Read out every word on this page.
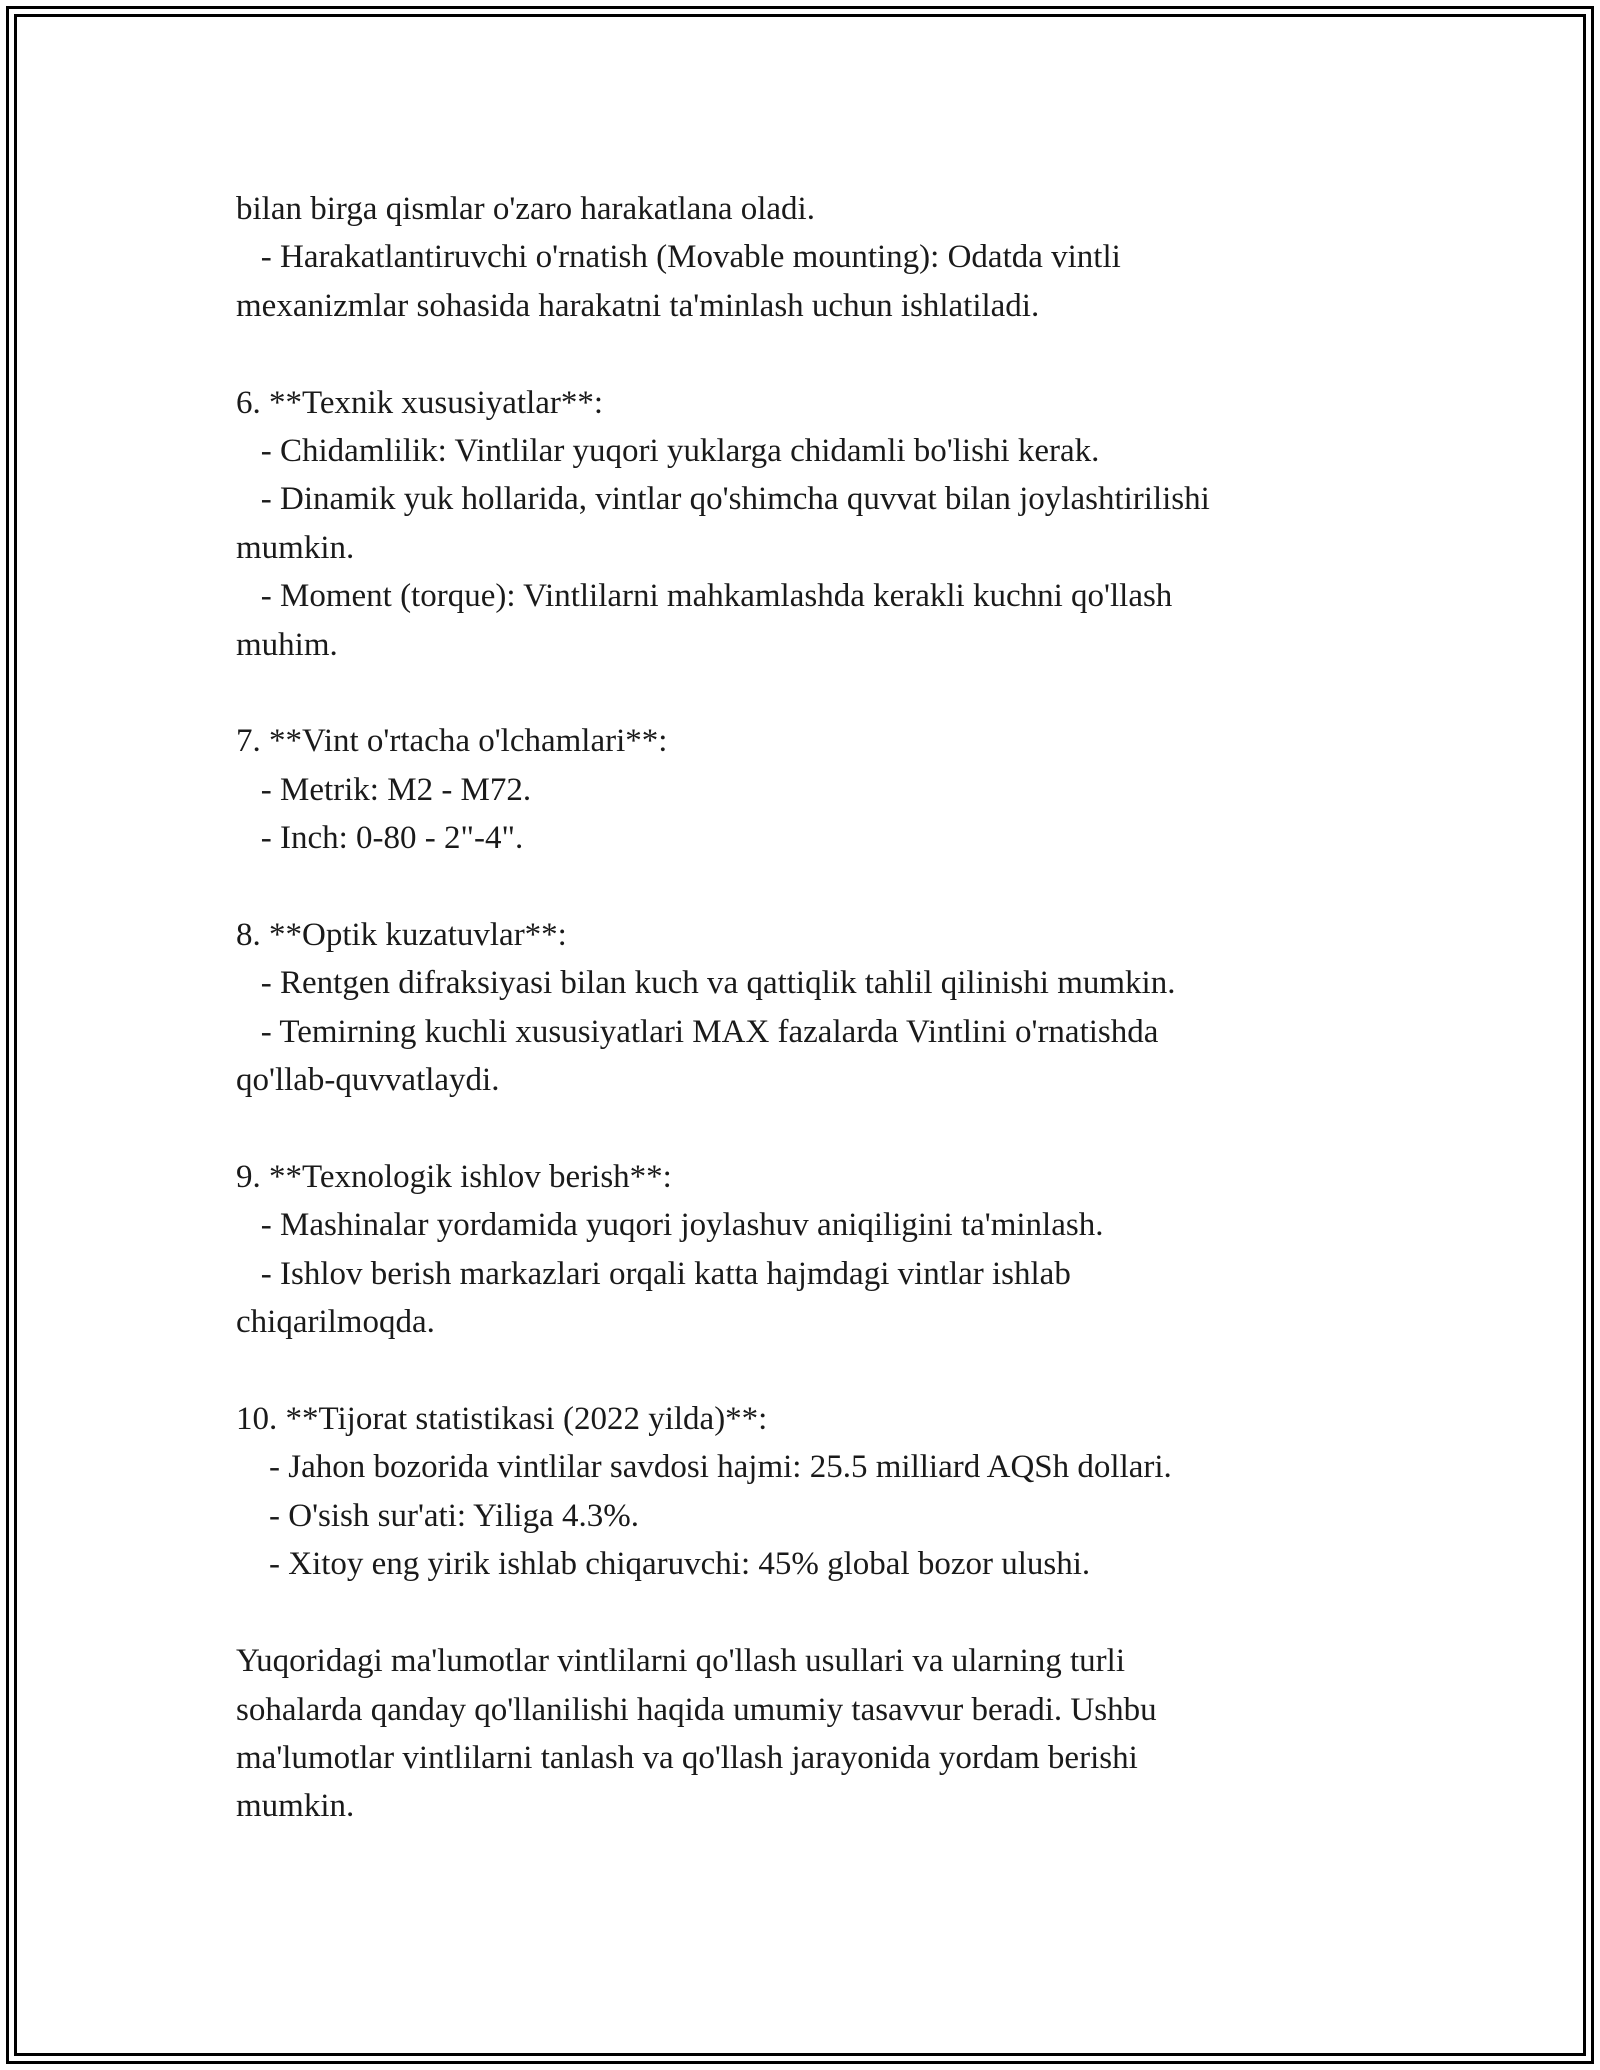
bilan birga qismlar o'zaro harakatlana oladi.
- Harakatlantiruvchi o'rnatish (Movable mounting): Odatda vintli
mexanizmlar sohasida harakatni ta'minlash uchun ishlatiladi.
6. **Texnik xususiyatlar**:
- Chidamlilik: Vintlilar yuqori yuklarga chidamli bo'lishi kerak.
- Dinamik yuk hollarida, vintlar qo'shimcha quvvat bilan joylashtirilishi
mumkin.
- Moment (torque): Vintlilarni mahkamlashda kerakli kuchni qo'llash
muhim.
7. **Vint o'rtacha o'lchamlari**:
- Metrik: M2 - M72.
- Inch: 0-80 - 2"-4".
8. **Optik kuzatuvlar**:
- Rentgen difraksiyasi bilan kuch va qattiqlik tahlil qilinishi mumkin.
- Temirning kuchli xususiyatlari MAX fazalarda Vintlini o'rnatishda
qo'llab-quvvatlaydi.
9. **Texnologik ishlov berish**:
- Mashinalar yordamida yuqori joylashuv aniqiligini ta'minlash.
- Ishlov berish markazlari orqali katta hajmdagi vintlar ishlab
chiqarilmoqda.
10. **Tijorat statistikasi (2022 yilda)**:
- Jahon bozorida vintlilar savdosi hajmi: 25.5 milliard AQSh dollari.
- O'sish sur'ati: Yiliga 4.3%.
- Xitoy eng yirik ishlab chiqaruvchi: 45% global bozor ulushi.
Yuqoridagi ma'lumotlar vintlilarni qo'llash usullari va ularning turli
sohalarda qanday qo'llanilishi haqida umumiy tasavvur beradi. Ushbu
ma'lumotlar vintlilarni tanlash va qo'llash jarayonida yordam berishi
mumkin.
